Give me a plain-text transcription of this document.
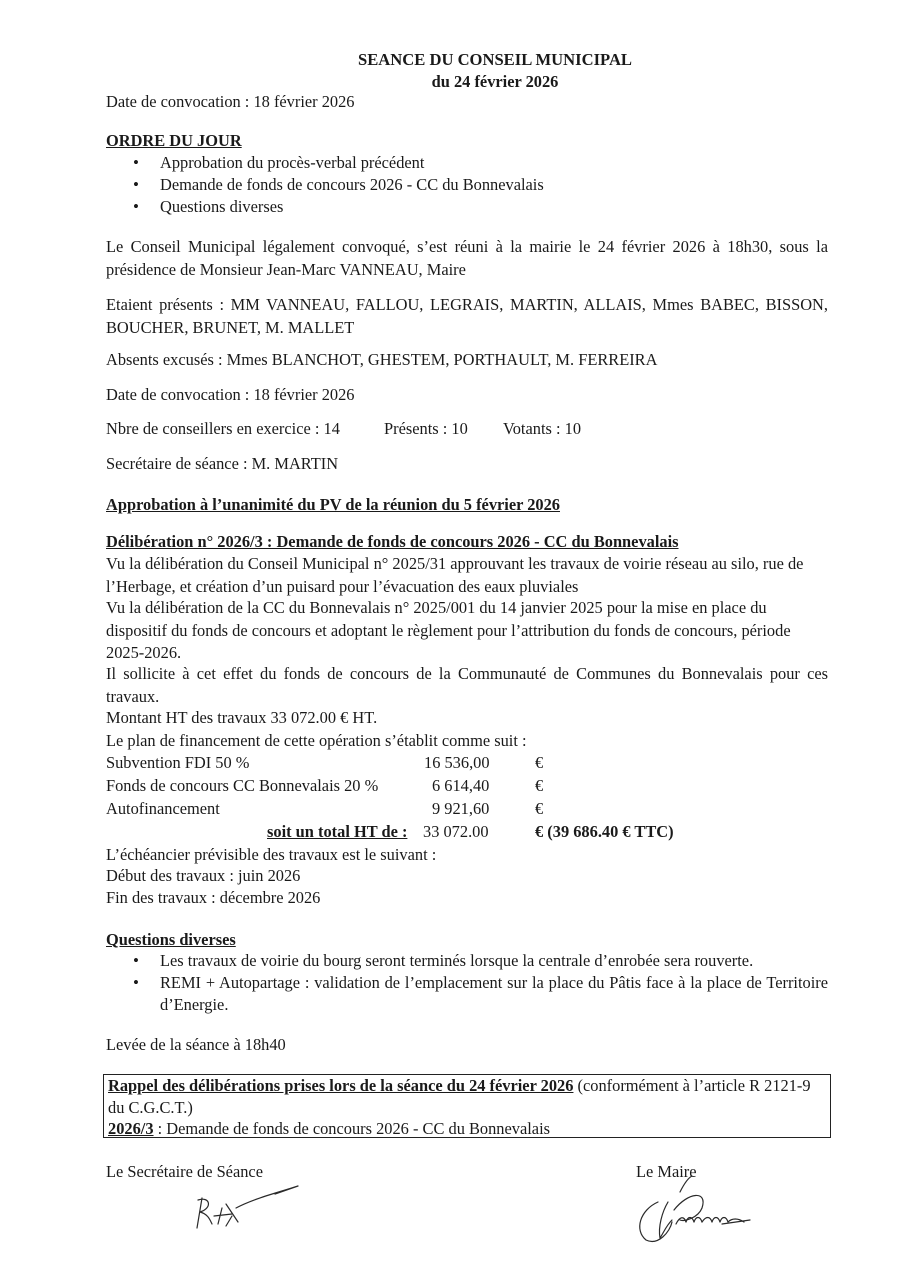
SEANCE DU CONSEIL MUNICIPAL
du 24 février 2026
Date de convocation : 18 février 2026
ORDRE DU JOUR
• Approbation du procès-verbal précédent
• Demande de fonds de concours 2026 - CC du Bonnevalais
• Questions diverses
Le Conseil Municipal légalement convoqué, s’est réuni à la mairie le 24 février 2026 à 18h30, sous la présidence de Monsieur Jean-Marc VANNEAU, Maire
Etaient présents : MM VANNEAU, FALLOU, LEGRAIS, MARTIN, ALLAIS, Mmes BABEC, BISSON, BOUCHER, BRUNET, M. MALLET
Absents excusés : Mmes BLANCHOT, GHESTEM, PORTHAULT, M. FERREIRA
Date de convocation : 18 février 2026
Nbre de conseillers en exercice : 14	Présents : 10 Votants : 10
Secrétaire de séance : M. MARTIN
Approbation à l’unanimité du PV de la réunion du 5 février 2026
Délibération n° 2026/3 : Demande de fonds de concours 2026 - CC du Bonnevalais
Vu la délibération du Conseil Municipal n° 2025/31 approuvant les travaux de voirie réseau au silo, rue de l’Herbage, et création d’un puisard pour l’évacuation des eaux pluviales
Vu la délibération de la CC du Bonnevalais n° 2025/001 du 14 janvier 2025 pour la mise en place du dispositif du fonds de concours et adoptant le règlement pour l’attribution du fonds de concours, période 2025-2026.
Il sollicite à cet effet du fonds de concours de la Communauté de Communes du Bonnevalais pour ces travaux.
Montant HT des travaux 33 072.00 € HT.
Le plan de financement de cette opération s’établit comme suit :
Subvention FDI 50 %	16 536,00	€
Fonds de concours CC Bonnevalais 20 %	6 614,40	€
Autofinancement	9 921,60	€
soit un total HT de : 33 072.00	€ (39 686.40 € TTC)
L’échéancier prévisible des travaux est le suivant :
Début des travaux : juin 2026
Fin des travaux : décembre 2026
Questions diverses
• Les travaux de voirie du bourg seront terminés lorsque la centrale d’enrobée sera rouverte.
• REMI + Autopartage : validation de l’emplacement sur la place du Pâtis face à la place de Territoire d’Energie.
Levée de la séance à 18h40
Rappel des délibérations prises lors de la séance du 24 février 2026 (conformément à l’article R 2121-9 du C.G.C.T.)
2026/3 : Demande de fonds de concours 2026 - CC du Bonnevalais
Le Secrétaire de Séance	Le Maire
